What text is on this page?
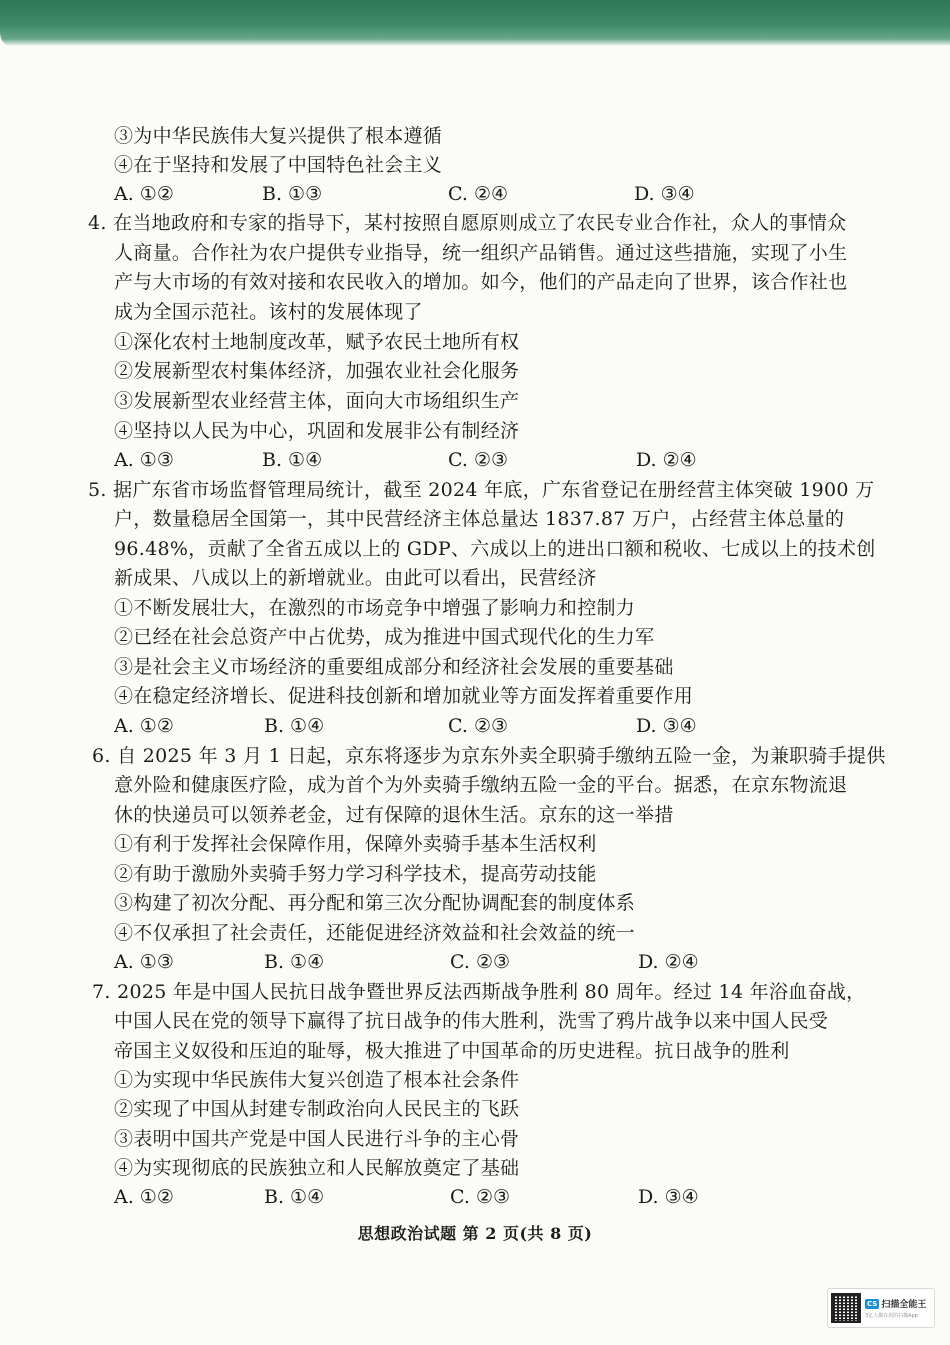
③为中华民族伟大复兴提供了根本遵循
④在于坚持和发展了中国特色社会主义
A. ①②	B. ①③	C. ②④	D. ③④
4. 在当地政府和专家的指导下，某村按照自愿原则成立了农民专业合作社，众人的事情众
人商量。合作社为农户提供专业指导，统一组织产品销售。通过这些措施，实现了小生
产与大市场的有效对接和农民收入的增加。如今，他们的产品走向了世界，该合作社也
成为全国示范社。该村的发展体现了
①深化农村土地制度改革，赋予农民土地所有权
②发展新型农村集体经济，加强农业社会化服务
③发展新型农业经营主体，面向大市场组织生产
④坚持以人民为中心，巩固和发展非公有制经济
A. ①③	B. ①④	C. ②③	D. ②④
5. 据广东省市场监督管理局统计，截至 2024 年底，广东省登记在册经营主体突破 1900 万
户，数量稳居全国第一，其中民营经济主体总量达 1837.87 万户，占经营主体总量的
96.48%，贡献了全省五成以上的 GDP、六成以上的进出口额和税收、七成以上的技术创
新成果、八成以上的新增就业。由此可以看出，民营经济
①不断发展壮大，在激烈的市场竞争中增强了影响力和控制力
②已经在社会总资产中占优势，成为推进中国式现代化的生力军
③是社会主义市场经济的重要组成部分和经济社会发展的重要基础
④在稳定经济增长、促进科技创新和增加就业等方面发挥着重要作用
A. ①②	B. ①④	C. ②③	D. ③④
6. 自 2025 年 3 月 1 日起，京东将逐步为京东外卖全职骑手缴纳五险一金，为兼职骑手提供
意外险和健康医疗险，成为首个为外卖骑手缴纳五险一金的平台。据悉，在京东物流退
休的快递员可以领养老金，过有保障的退休生活。京东的这一举措
①有利于发挥社会保障作用，保障外卖骑手基本生活权利
②有助于激励外卖骑手努力学习科学技术，提高劳动技能
③构建了初次分配、再分配和第三次分配协调配套的制度体系
④不仅承担了社会责任，还能促进经济效益和社会效益的统一
A. ①③	B. ①④	C. ②③	D. ②④
7. 2025 年是中国人民抗日战争暨世界反法西斯战争胜利 80 周年。经过 14 年浴血奋战，
中国人民在党的领导下赢得了抗日战争的伟大胜利，洗雪了鸦片战争以来中国人民受
帝国主义奴役和压迫的耻辱，极大推进了中国革命的历史进程。抗日战争的胜利
①为实现中华民族伟大复兴创造了根本社会条件
②实现了中国从封建专制政治向人民民主的飞跃
③表明中国共产党是中国人民进行斗争的主心骨
④为实现彻底的民族独立和人民解放奠定了基础
A. ①②	B. ①④	C. ②③	D. ③④
思想政治试题 第 2 页(共 8 页)
CS 扫描全能王
3亿人都在用的扫描App
